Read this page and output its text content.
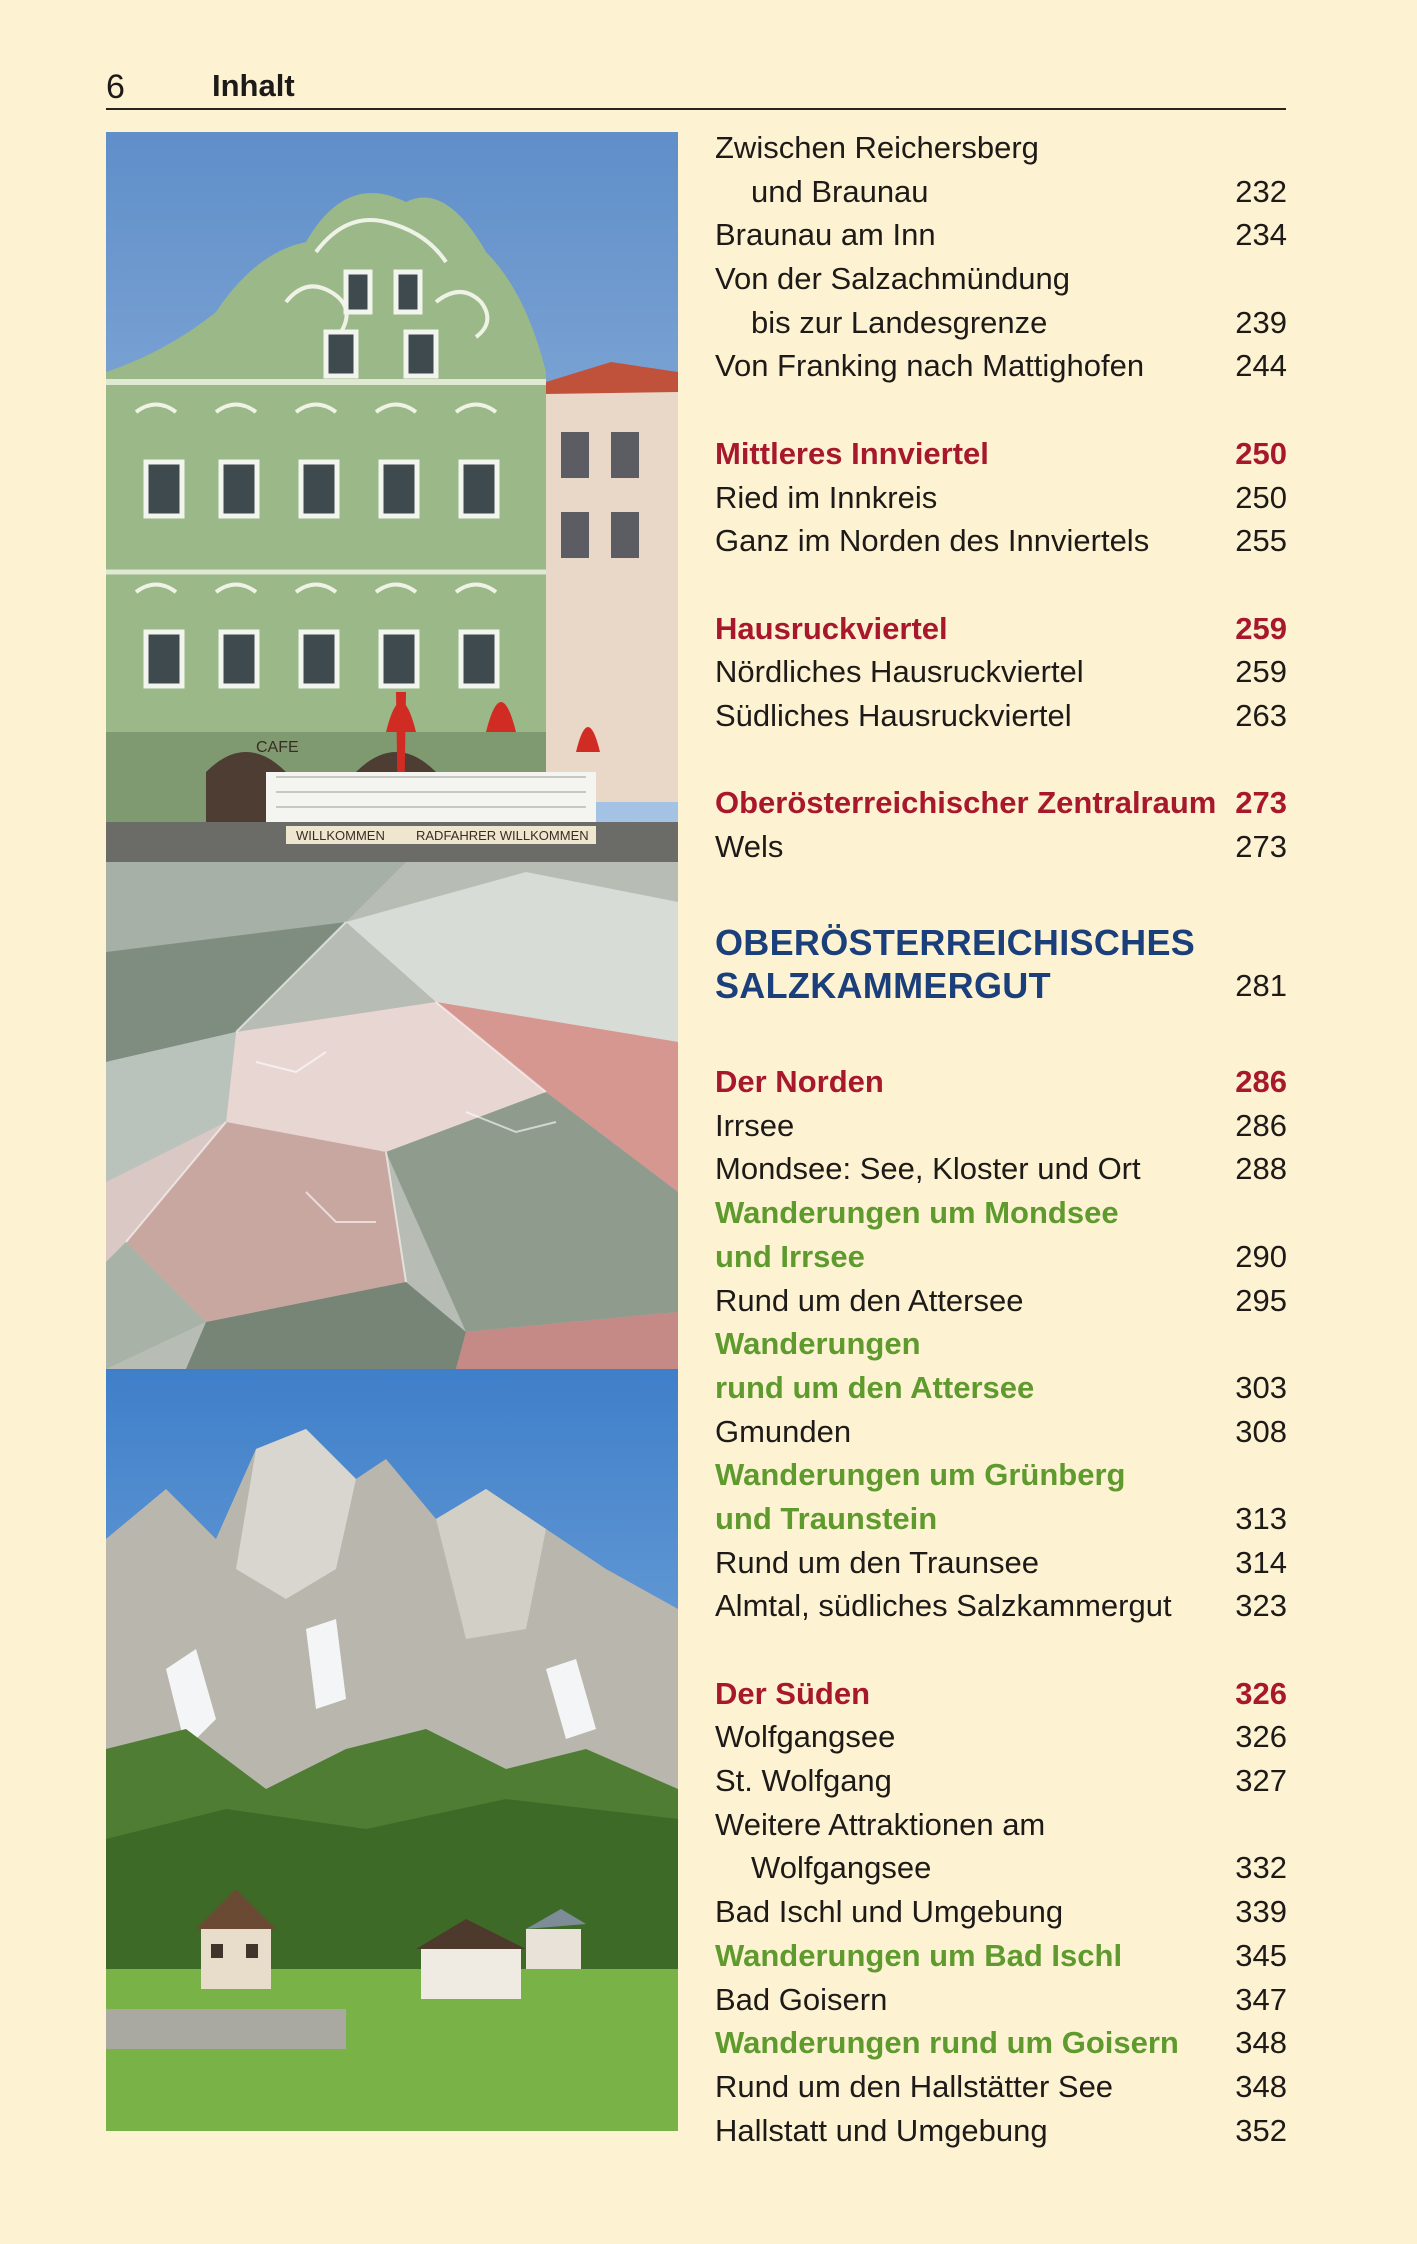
6	Inhalt
CAFE
WILLKOMMEN RADFAHRER WILLKOMMEN
Zwischen Reichersberg
und Braunau	232
Braunau am Inn	234
Von der Salzachmündung
bis zur Landesgrenze	239
Von Franking nach Mattighofen	244
Mittleres Innviertel	250
Ried im Innkreis	250
Ganz im Norden des Innviertels	255
Hausruckviertel	259
Nördliches Hausruckviertel	259
Südliches Hausruckviertel	263
Oberösterreichischer Zentralraum 273
Wels	273
OBERÖSTERREICHISCHES
SALZKAMMERGUT	281
Der Norden	286
Irrsee	286
Mondsee: See, Kloster und Ort	288
Wanderungen um Mondsee
und Irrsee	290
Rund um den Attersee	295
Wanderungen
rund um den Attersee	303
Gmunden	308
Wanderungen um Grünberg
und Traunstein	313
Rund um den Traunsee	314
Almtal, südliches Salzkammergut 323
Der Süden	326
Wolfgangsee	326
St. Wolfgang	327
Weitere Attraktionen am
Wolfgangsee	332
Bad Ischl und Umgebung	339
Wanderungen um Bad Ischl	345
Bad Goisern	347
Wanderungen rund um Goisern 348
Rund um den Hallstätter See	348
Hallstatt und Umgebung	352
